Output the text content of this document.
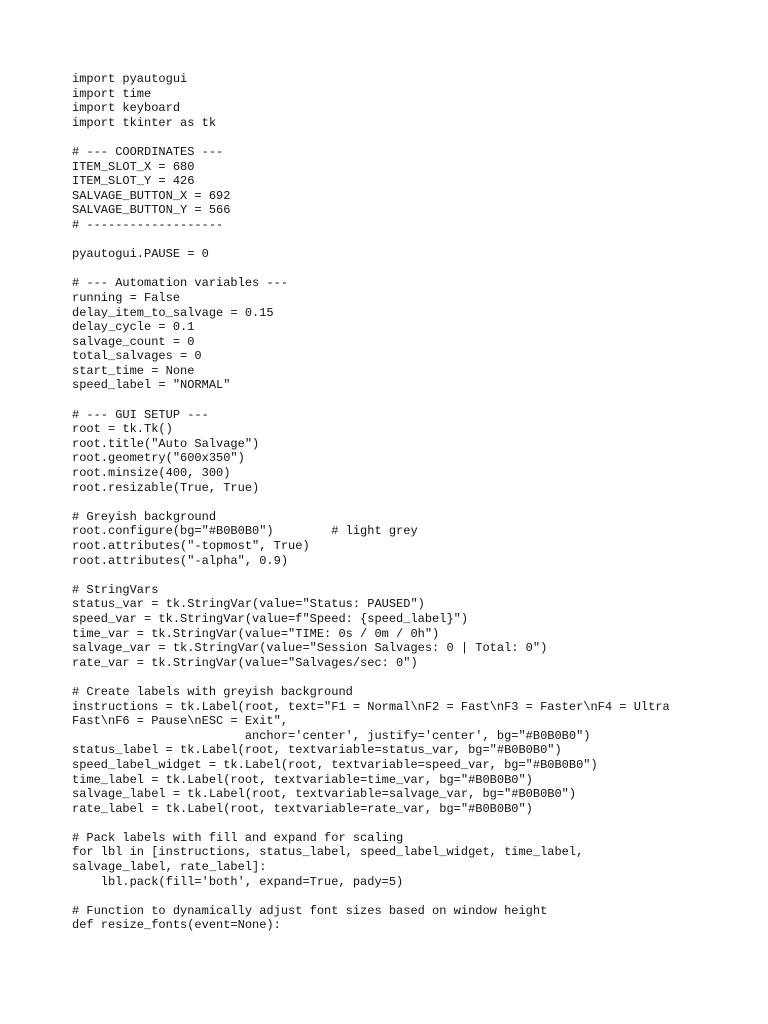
import pyautogui
import time
import keyboard
import tkinter as tk
# --- COORDINATES ---
ITEM_SLOT_X = 680
ITEM_SLOT_Y = 426
SALVAGE_BUTTON_X = 692
SALVAGE_BUTTON_Y = 566
# -------------------
pyautogui.PAUSE = 0
# --- Automation variables ---
running = False
delay_item_to_salvage = 0.15
delay_cycle = 0.1
salvage_count = 0
total_salvages = 0
start_time = None
speed_label = "NORMAL"
# --- GUI SETUP ---
root = tk.Tk()
root.title("Auto Salvage")
root.geometry("600x350")
root.minsize(400, 300)
root.resizable(True, True)
# Greyish background
root.configure(bg="#B0B0B0")        # light grey
root.attributes("-topmost", True)
root.attributes("-alpha", 0.9)
# StringVars
status_var = tk.StringVar(value="Status: PAUSED")
speed_var = tk.StringVar(value=f"Speed: {speed_label}")
time_var = tk.StringVar(value="TIME: 0s / 0m / 0h")
salvage_var = tk.StringVar(value="Session Salvages: 0 | Total: 0")
rate_var = tk.StringVar(value="Salvages/sec: 0")
# Create labels with greyish background
instructions = tk.Label(root, text="F1 = Normal\nF2 = Fast\nF3 = Faster\nF4 = Ultra
Fast\nF6 = Pause\nESC = Exit",
anchor='center', justify='center', bg="#B0B0B0")
status_label = tk.Label(root, textvariable=status_var, bg="#B0B0B0")
speed_label_widget = tk.Label(root, textvariable=speed_var, bg="#B0B0B0")
time_label = tk.Label(root, textvariable=time_var, bg="#B0B0B0")
salvage_label = tk.Label(root, textvariable=salvage_var, bg="#B0B0B0")
rate_label = tk.Label(root, textvariable=rate_var, bg="#B0B0B0")
# Pack labels with fill and expand for scaling
for lbl in [instructions, status_label, speed_label_widget, time_label,
salvage_label, rate_label]:
lbl.pack(fill='both', expand=True, pady=5)
# Function to dynamically adjust font sizes based on window height
def resize_fonts(event=None):
